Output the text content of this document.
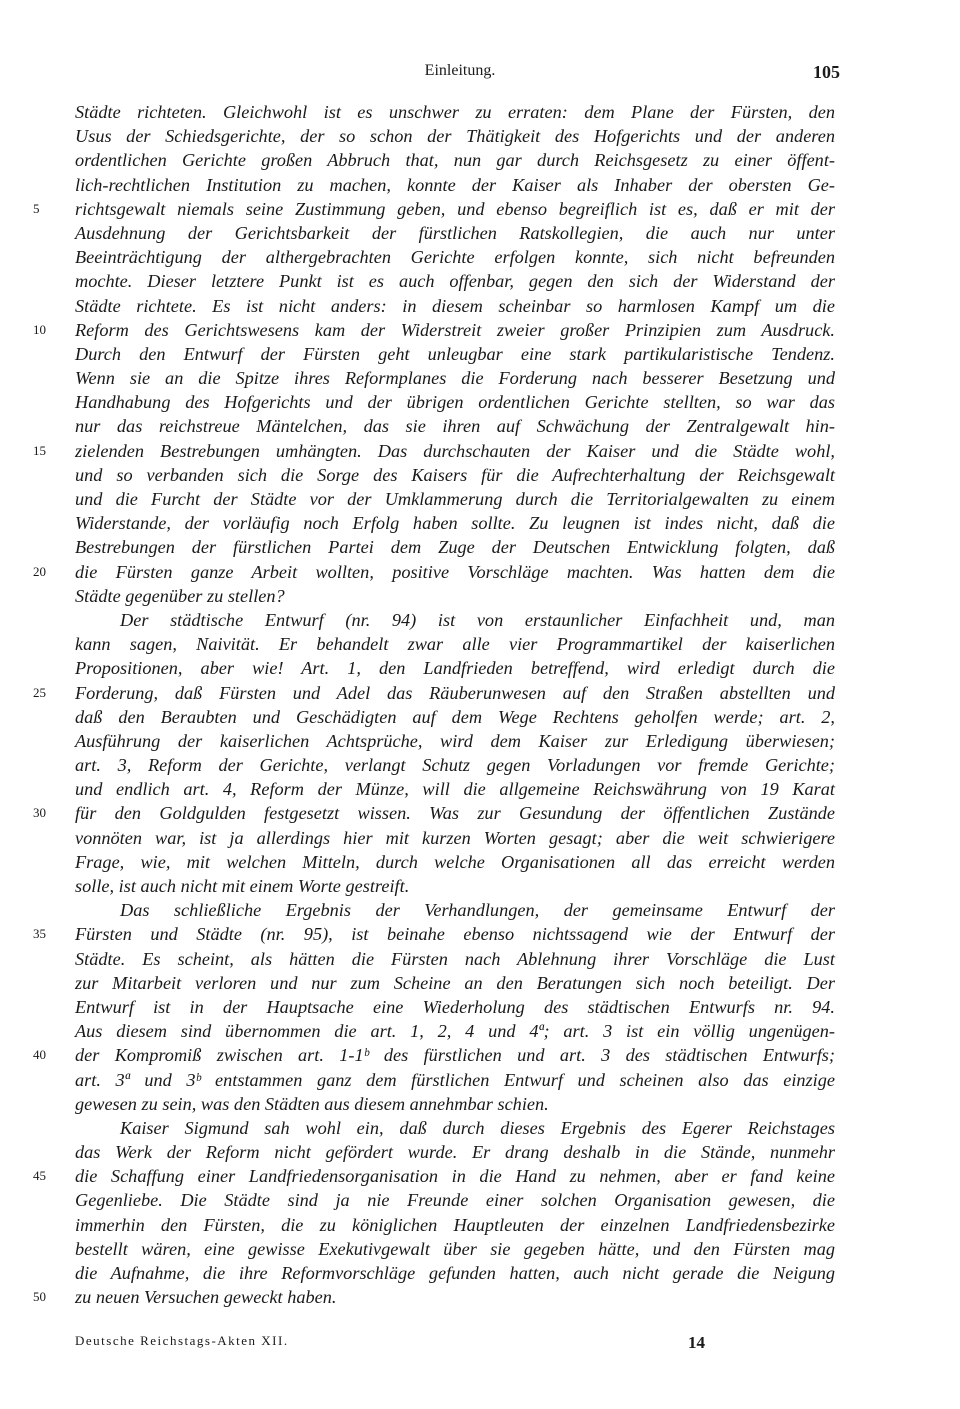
Einleitung.	105
Städte richteten. Gleichwohl ist es unschwer zu erraten: dem Plane der Fürsten, den
Usus der Schiedsgerichte, der so schon der Thätigkeit des Hofgerichts und der anderen
ordentlichen Gerichte großen Abbruch that, nun gar durch Reichsgesetz zu einer öffent-
lich-rechtlichen Institution zu machen, konnte der Kaiser als Inhaber der obersten Ge-
5	richtsgewalt niemals seine Zustimmung geben, und ebenso begreiflich ist es, daß er mit der
Ausdehnung der Gerichtsbarkeit der fürstlichen Ratskollegien, die auch nur unter
Beeinträchtigung der althergebrachten Gerichte erfolgen konnte, sich nicht befreunden
mochte. Dieser letztere Punkt ist es auch offenbar, gegen den sich der Widerstand der
Städte richtete. Es ist nicht anders: in diesem scheinbar so harmlosen Kampf um die
10	Reform des Gerichtswesens kam der Widerstreit zweier großer Prinzipien zum Ausdruck.
Durch den Entwurf der Fürsten geht unleugbar eine stark partikularistische Tendenz.
Wenn sie an die Spitze ihres Reformplanes die Forderung nach besserer Besetzung und
Handhabung des Hofgerichts und der übrigen ordentlichen Gerichte stellten, so war das
nur das reichstreue Mäntelchen, das sie ihren auf Schwächung der Zentralgewalt hin-
15	zielenden Bestrebungen umhängten. Das durchschauten der Kaiser und die Städte wohl,
und so verbanden sich die Sorge des Kaisers für die Aufrechterhaltung der Reichsgewalt
und die Furcht der Städte vor der Umklammerung durch die Territorialgewalten zu einem
Widerstande, der vorläufig noch Erfolg haben sollte. Zu leugnen ist indes nicht, daß die
Bestrebungen der fürstlichen Partei dem Zuge der Deutschen Entwicklung folgten, daß
20	die Fürsten ganze Arbeit wollten, positive Vorschläge machten. Was hatten dem die
Städte gegenüber zu stellen?
Der städtische Entwurf (nr. 94) ist von erstaunlicher Einfachheit und, man
kann sagen, Naivität. Er behandelt zwar alle vier Programmartikel der kaiserlichen
Propositionen, aber wie! Art. 1, den Landfrieden betreffend, wird erledigt durch die
25	Forderung, daß Fürsten und Adel das Räuberunwesen auf den Straßen abstellten und
daß den Beraubten und Geschädigten auf dem Wege Rechtens geholfen werde; art. 2,
Ausführung der kaiserlichen Achtsprüche, wird dem Kaiser zur Erledigung überwiesen;
art. 3, Reform der Gerichte, verlangt Schutz gegen Vorladungen vor fremde Gerichte;
und endlich art. 4, Reform der Münze, will die allgemeine Reichswährung von 19 Karat
30	für den Goldgulden festgesetzt wissen. Was zur Gesundung der öffentlichen Zustände
vonnöten war, ist ja allerdings hier mit kurzen Worten gesagt; aber die weit schwierigere
Frage, wie, mit welchen Mitteln, durch welche Organisationen all das erreicht werden
solle, ist auch nicht mit einem Worte gestreift.
Das schließliche Ergebnis der Verhandlungen, der gemeinsame Entwurf der
35	Fürsten und Städte (nr. 95), ist beinahe ebenso nichtssagend wie der Entwurf der
Städte. Es scheint, als hätten die Fürsten nach Ablehnung ihrer Vorschläge die Lust
zur Mitarbeit verloren und nur zum Scheine an den Beratungen sich noch beteiligt. Der
Entwurf ist in der Hauptsache eine Wiederholung des städtischen Entwurfs nr. 94.
Aus diesem sind übernommen die art. 1, 2, 4 und 4ª; art. 3 ist ein völlig ungenügen-
40	der Kompromiß zwischen art. 1-1ᵇ des fürstlichen und art. 3 des städtischen Entwurfs;
art. 3ª und 3ᵇ entstammen ganz dem fürstlichen Entwurf und scheinen also das einzige
gewesen zu sein, was den Städten aus diesem annehmbar schien.
Kaiser Sigmund sah wohl ein, daß durch dieses Ergebnis des Egerer Reichstages
das Werk der Reform nicht gefördert wurde. Er drang deshalb in die Stände, nunmehr
45	die Schaffung einer Landfriedensorganisation in die Hand zu nehmen, aber er fand keine
Gegenliebe. Die Städte sind ja nie Freunde einer solchen Organisation gewesen, die
immerhin den Fürsten, die zu königlichen Hauptleuten der einzelnen Landfriedensbezirke
bestellt wären, eine gewisse Exekutivgewalt über sie gegeben hätte, und den Fürsten mag
die Aufnahme, die ihre Reformvorschläge gefunden hatten, auch nicht gerade die Neigung
50	zu neuen Versuchen geweckt haben.
Deutsche Reichstags-Akten XII.	14
